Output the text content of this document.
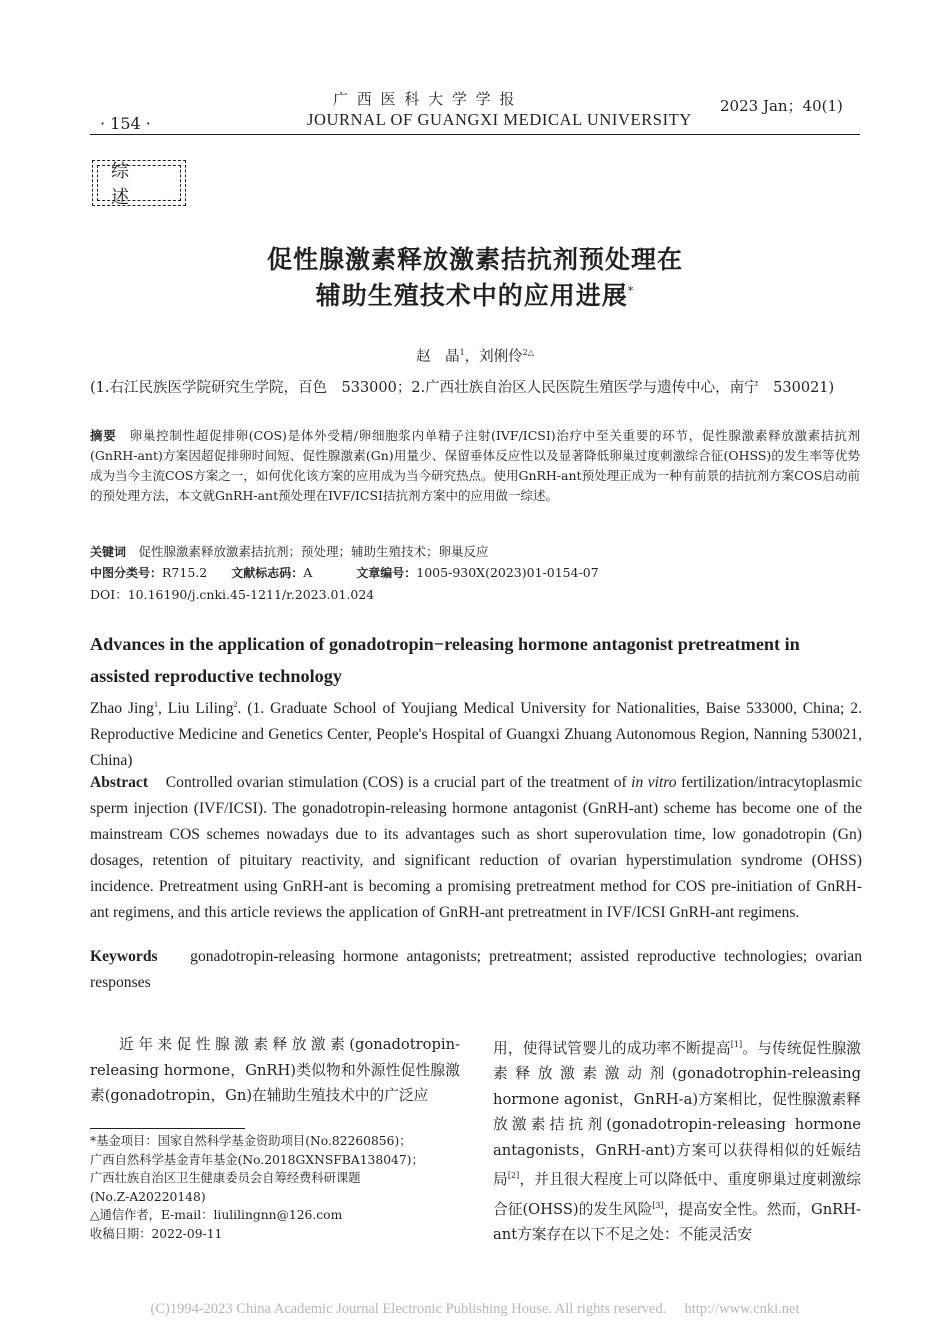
· 154 ·
广 西 医 科 大 学 学 报
JOURNAL OF GUANGXI MEDICAL UNIVERSITY
2023 Jan；40(1)
综 述
促性腺激素释放激素拮抗剂预处理在
辅助生殖技术中的应用进展*
赵　晶$^1$，刘俐伶$^{2\triangle}$
(1.右江民族医学院研究生学院，百色　533000；2.广西壮族自治区人民医院生殖医学与遗传中心，南宁　530021)
摘要　 卵巢控制性超促排卵(COS)是体外受精/卵细胞浆内单精子注射(IVF/ICSI)治疗中至关重要的环节，促性腺激素释放激素拮抗剂(GnRH-ant)方案因超促排卵时间短、促性腺激素(Gn)用量少、保留垂体反应性以及显著降低卵巢过度刺激综合征(OHSS)的发生率等优势成为当今主流COS方案之一，如何优化该方案的应用成为当今研究热点。使用GnRH-ant预处理正成为一种有前景的拮抗剂方案COS启动前的预处理方法，本文就GnRH-ant预处理在IVF/ICSI拮抗剂方案中的应用做一综述。
关键词　 促性腺激素释放激素拮抗剂；预处理；辅助生殖技术；卵巢反应
中图分类号：R715.2 文献标志码：A	文章编号：1005-930X(2023)01-0154-07
DOI：10.16190/j.cnki.45-1211/r.2023.01.024
Advances in the application of gonadotropin−releasing hormone antagonist pretreatment in assisted reproductive technology
Zhao Jing$^1$, Liu Liling$^2$. (1. Graduate School of Youjiang Medical University for Nationalities, Baise 533000, China; 2. Reproductive Medicine and Genetics Center, People's Hospital of Guangxi Zhuang Autonomous Region, Nanning 530021, China)
Abstract Controlled ovarian stimulation (COS) is a crucial part of the treatment of in vitro fertilization/intracytoplasmic sperm injection (IVF/ICSI). The gonadotropin-releasing hormone antagonist (GnRH-ant) scheme has become one of the mainstream COS schemes nowadays due to its advantages such as short superovulation time, low gonadotropin (Gn) dosages, retention of pituitary reactivity, and significant reduction of ovarian hyperstimulation syndrome (OHSS) incidence. Pretreatment using GnRH-ant is becoming a promising pretreatment method for COS pre-initiation of GnRH-ant regimens, and this article reviews the application of GnRH-ant pretreatment in IVF/ICSI GnRH-ant regimens.
Keywords gonadotropin-releasing hormone antagonists; pretreatment; assisted reproductive technologies; ovarian responses
近年来促性腺激素释放激素(gonadotropin-releasing hormone，GnRH)类似物和外源性促性腺激素(gonadotropin，Gn)在辅助生殖技术中的广泛应
用，使得试管婴儿的成功率不断提高[1]。与传统促性腺激素释放激素激动剂(gonadotrophin-releasing hormone agonist，GnRH-a)方案相比，促性腺激素释放激素拮抗剂(gonadotropin-releasing hormone antagonists，GnRH-ant)方案可以获得相似的妊娠结局[2]，并且很大程度上可以降低中、重度卵巢过度刺激综合征(OHSS)的发生风险[3]，提高安全性。然而，GnRH-ant方案存在以下不足之处：不能灵活安
*基金项目：国家自然科学基金资助项目(No.82260856)；
广西自然科学基金青年基金(No.2018GXNSFBA138047)；
广西壮族自治区卫生健康委员会自筹经费科研课题
(No.Z-A20220148)
△通信作者，E-mail：liulilingnn@126.com
收稿日期：2022-09-11
(C)1994-2023 China Academic Journal Electronic Publishing House. All rights reserved.　 http://www.cnki.net
